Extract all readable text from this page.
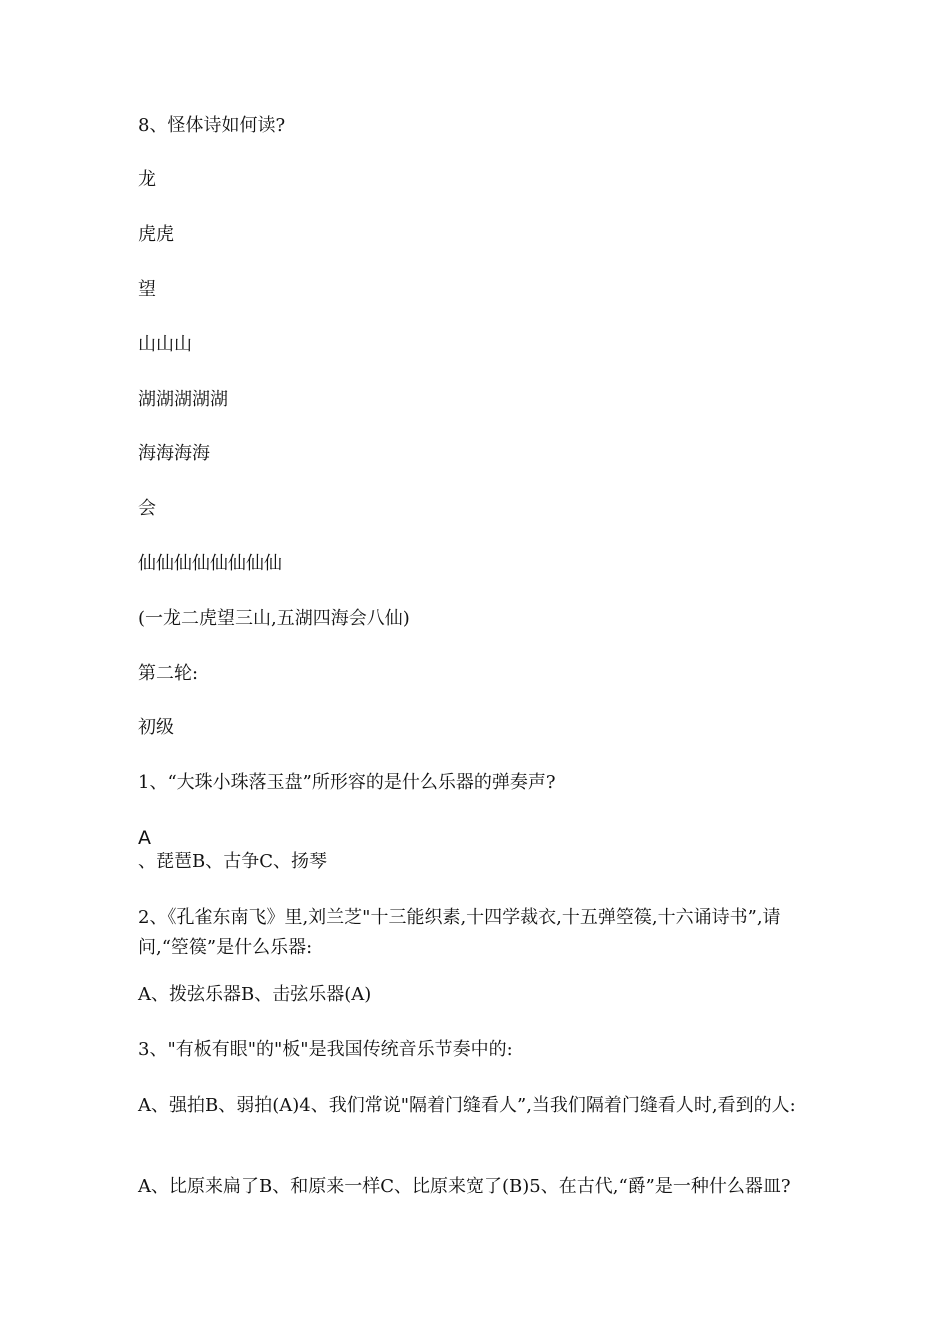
8、怪体诗如何读?

龙

虎虎

望

山山山

湖湖湖湖湖

海海海海

会

仙仙仙仙仙仙仙仙

(一龙二虎望三山,五湖四海会八仙)

第二轮:

初级

1、“大珠小珠落玉盘”所形容的是什么乐器的弹奏声?

A

、琵琶B、古争C、扬琴

2、《孔雀东南飞》里,刘兰芝"十三能织素,十四学裁衣,十五弹箜篌,十六诵诗书”,请问,“箜篌”是什么乐器:

A、拨弦乐器B、击弦乐器(A)

3、"有板有眼"的"板"是我国传统音乐节奏中的:

A、强拍B、弱拍(A)4、我们常说"隔着门缝看人”,当我们隔着门缝看人时,看到的人:

A、比原来扁了B、和原来一样C、比原来宽了(B)5、在古代,“爵”是一种什么器皿?
